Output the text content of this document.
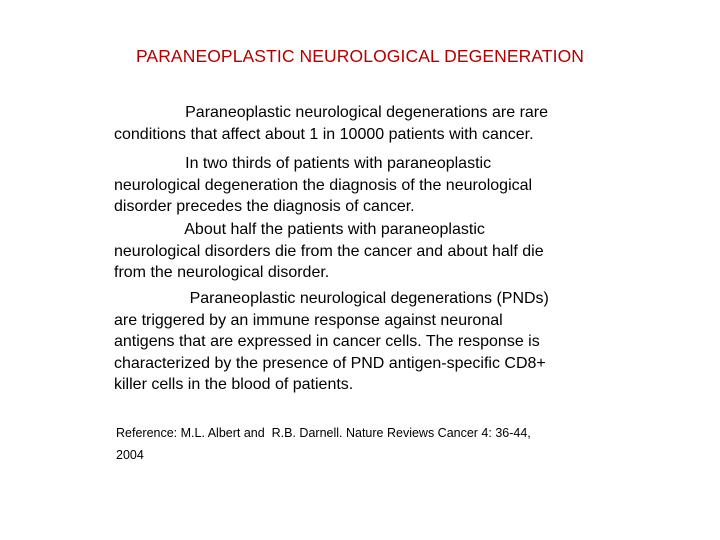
PARANEOPLASTIC NEUROLOGICAL DEGENERATION

Paraneoplastic neurological degenerations are rare
conditions that affect about 1 in 10000 patients with cancer.

In two thirds of patients with paraneoplastic
neurological degeneration the diagnosis of the neurological
disorder precedes the diagnosis of cancer.

About half the patients with paraneoplastic
neurological disorders die from the cancer and about half die
from the neurological disorder.

Paraneoplastic neurological degenerations (PNDs)
are triggered by an immune response against neuronal
antigens that are expressed in cancer cells. The response is
characterized by the presence of PND antigen-specific CD8+
killer cells in the blood of patients.

Reference: M.L. Albert and  R.B. Darnell. Nature Reviews Cancer 4: 36-44,
2004
